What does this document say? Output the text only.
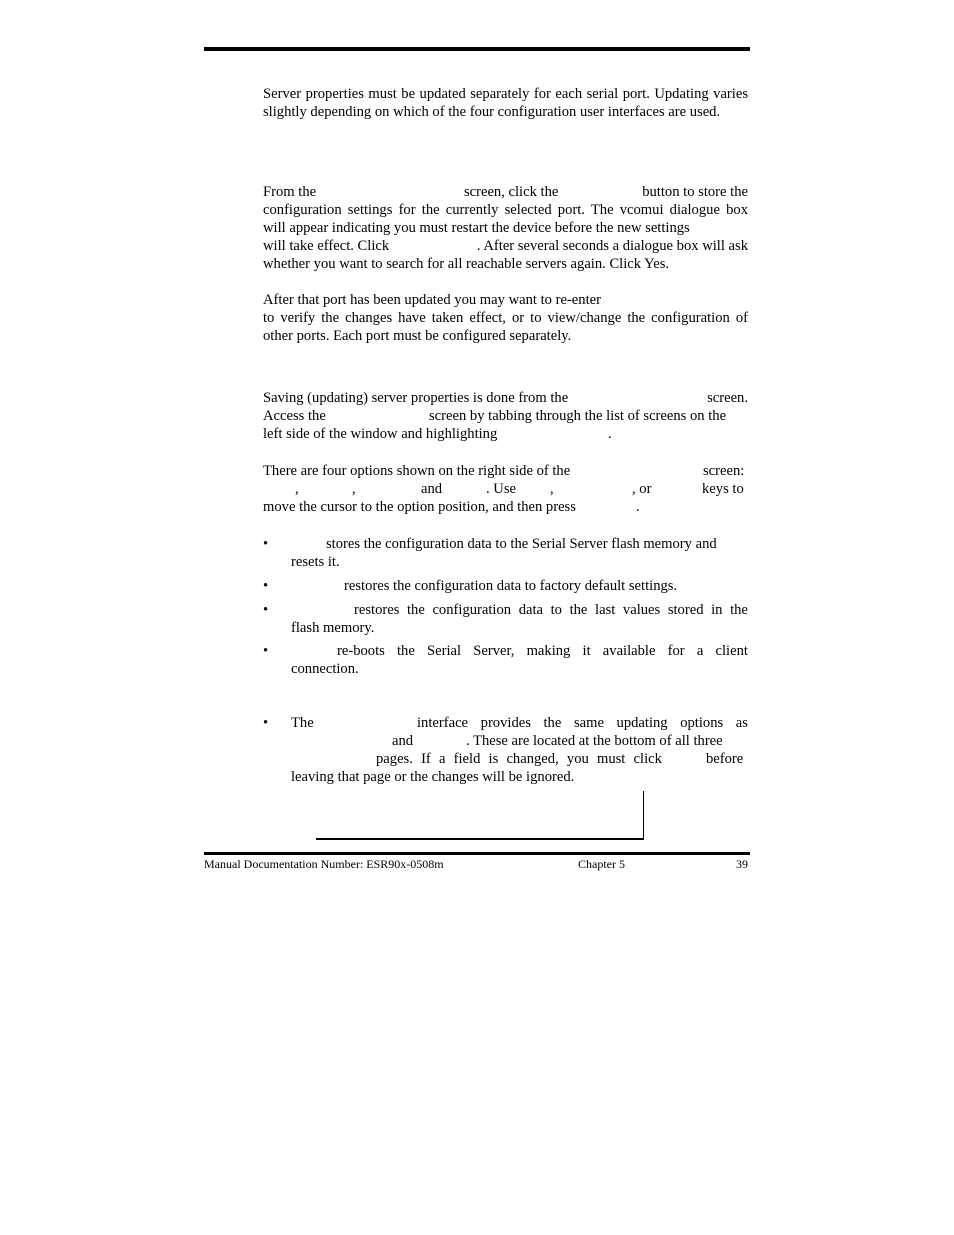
Server properties must be updated separately for each serial port. Updating varies slightly depending on which of the four configuration user interfaces are used.

From the	screen, click the	button to store the

configuration settings for the currently selected port. The vcomui dialogue box will appear indicating you must restart the device before the new settings

will take effect. Click	. After several seconds a dialogue box will ask
whether you want to search for all reachable servers again. Click Yes.
After that port has been updated you may want to re-enter

to verify the changes have taken effect, or to view/change the configuration of other ports. Each port must be configured separately.

Saving (updating) server properties is done from the	screen.
Access the	screen by tabbing through the list of screens on the
left side of the window and highlighting	.
There are four options shown on the right side of the	screen:
,	,	and	. Use ,	, or	keys to
move the cursor to the option position, and then press	.
•	stores the configuration data to the Serial Server flash memory and
resets it.
•	restores the configuration data to factory default settings.
•	restores the configuration data to the last values stored in the
flash memory.
•	re-boots the Serial Server, making it available for a client
connection.
• The	interface provides the same updating options as
and	. These are located at the bottom of all three
pages. If a field is changed, you must click	before
leaving that page or the changes will be ignored.
Manual Documentation Number: ESR90x-0508m	Chapter 5	39
